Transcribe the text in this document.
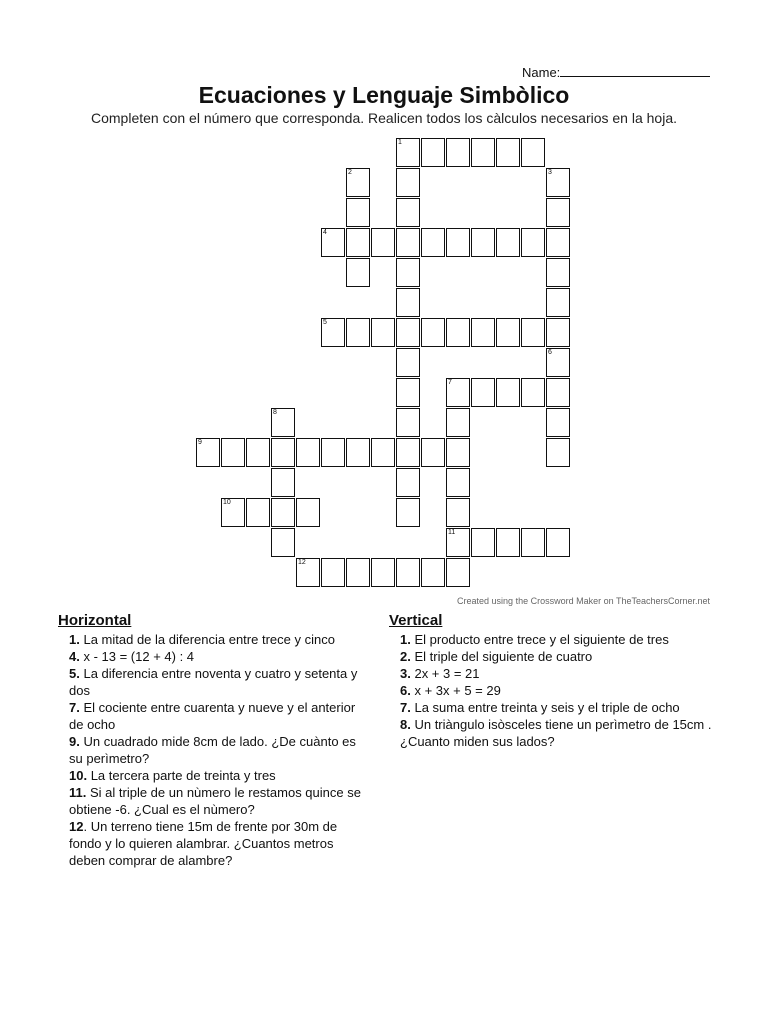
Name:
Ecuaciones y Lenguaje Simbòlico
Completen con el número que corresponda. Realicen todos los càlculos necesarios en la hoja.
1
2	3
4
5
6
7
11
8
9
10
12
Created using the Crossword Maker on TheTeachersCorner.net
Horizontal

1. La mitad de la diferencia entre trece y cinco

4. x - 13 = (12 + 4) : 4

5. La diferencia entre noventa y cuatro y setenta y dos

7. El cociente entre cuarenta y nueve y el anterior de ocho

9. Un cuadrado mide 8cm de lado. ¿De cuànto es su perìmetro?

10. La tercera parte de treinta y tres

11. Si al triple de un nùmero le restamos quince se obtiene -6. ¿Cual es el nùmero?

12. Un terreno tiene 15m de frente por 30m de fondo y lo quieren alambrar. ¿Cuantos metros deben comprar de alambre?

Vertical

1. El producto entre trece y el siguiente de tres

2. El triple del siguiente de cuatro

3. 2x + 3 = 21

6. x + 3x + 5 = 29

7. La suma entre treinta y seis y el triple de ocho

8. Un triàngulo isòsceles tiene un perìmetro de 15cm . ¿Cuanto miden sus lados?
